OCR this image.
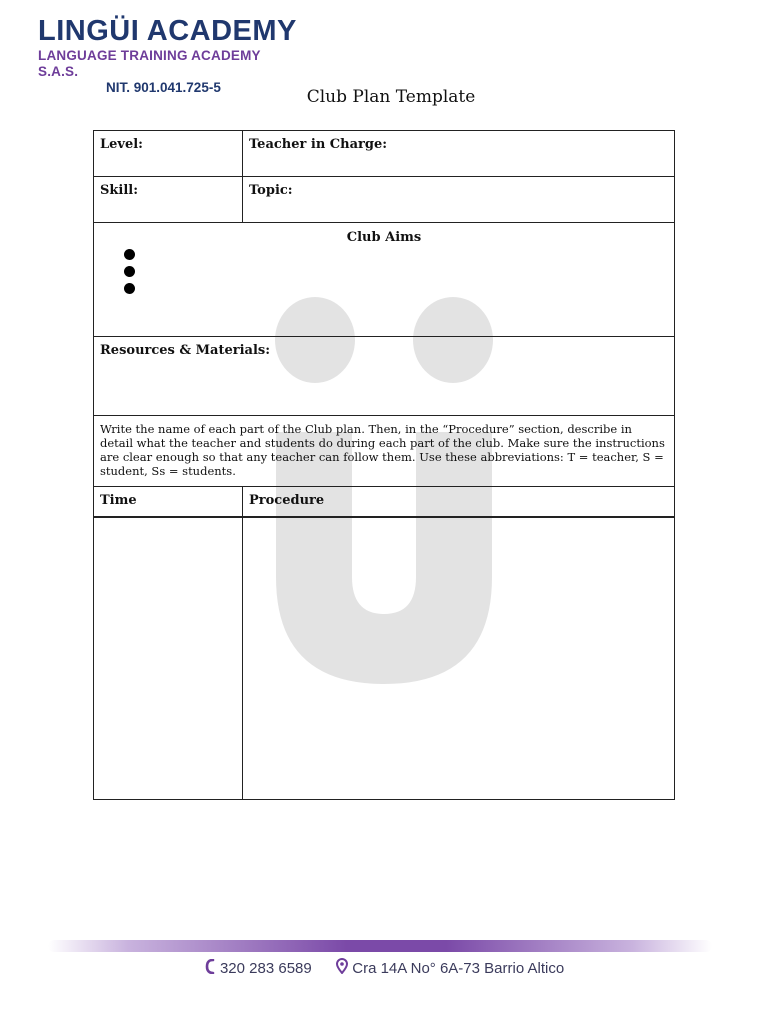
LINGÜI ACADEMY
LANGUAGE TRAINING ACADEMY S.A.S.
NIT. 901.041.725-5	Club Plan Template
Level:	Teacher in Charge:
Skill:	Topic:

Club Aims	

Resources & Materials:	
Write the name of each part of the Club plan. Then, in the “Procedure” section, describe in detail what the teacher and students do during each part of the club. Make sure the instructions are clear enough so that any teacher can follow them. Use these abbreviations: T = teacher, S = student, Ss = students.	
Time	Procedure

320 283 6589	Cra 14A No° 6A-73 Barrio Altico
